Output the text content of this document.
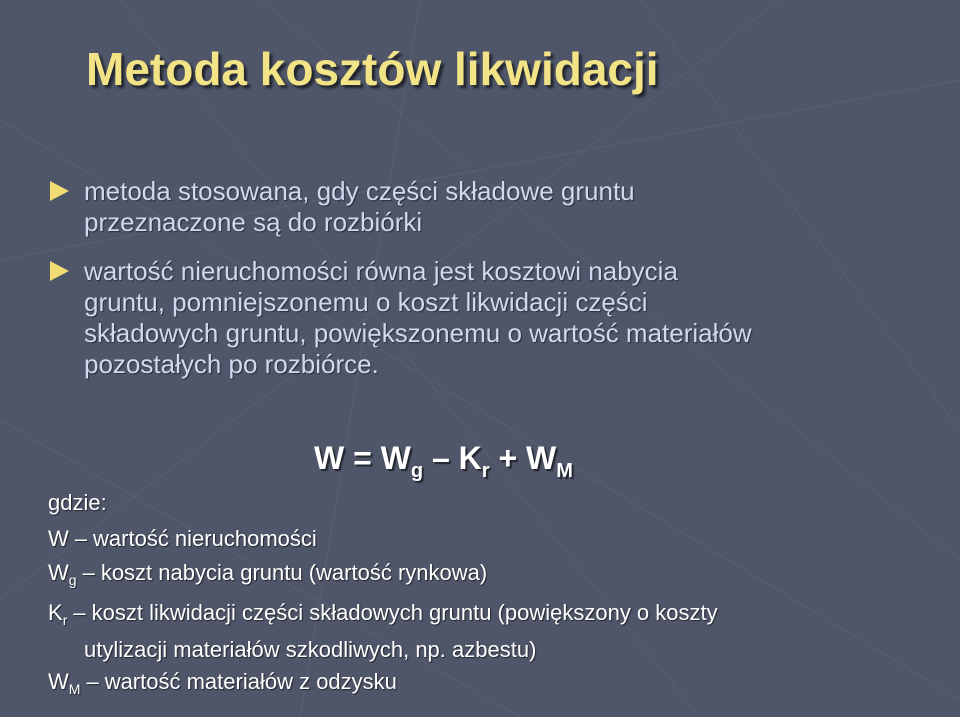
Metoda kosztów likwidacji
metoda stosowana, gdy części składowe gruntu
przeznaczone są do rozbiórki
wartość nieruchomości równa jest kosztowi nabycia
gruntu, pomniejszonemu o koszt likwidacji części
składowych gruntu, powiększonemu o wartość materiałów
pozostałych po rozbiórce.
$W = W_g - K_r + W_M$
gdzie:
W – wartość nieruchomości
$W_g$ – koszt nabycia gruntu (wartość rynkowa)
$K_r$ – koszt likwidacji części składowych gruntu (powiększony o koszty
utylizacji materiałów szkodliwych, np. azbestu)
$W_M$ – wartość materiałów z odzysku
